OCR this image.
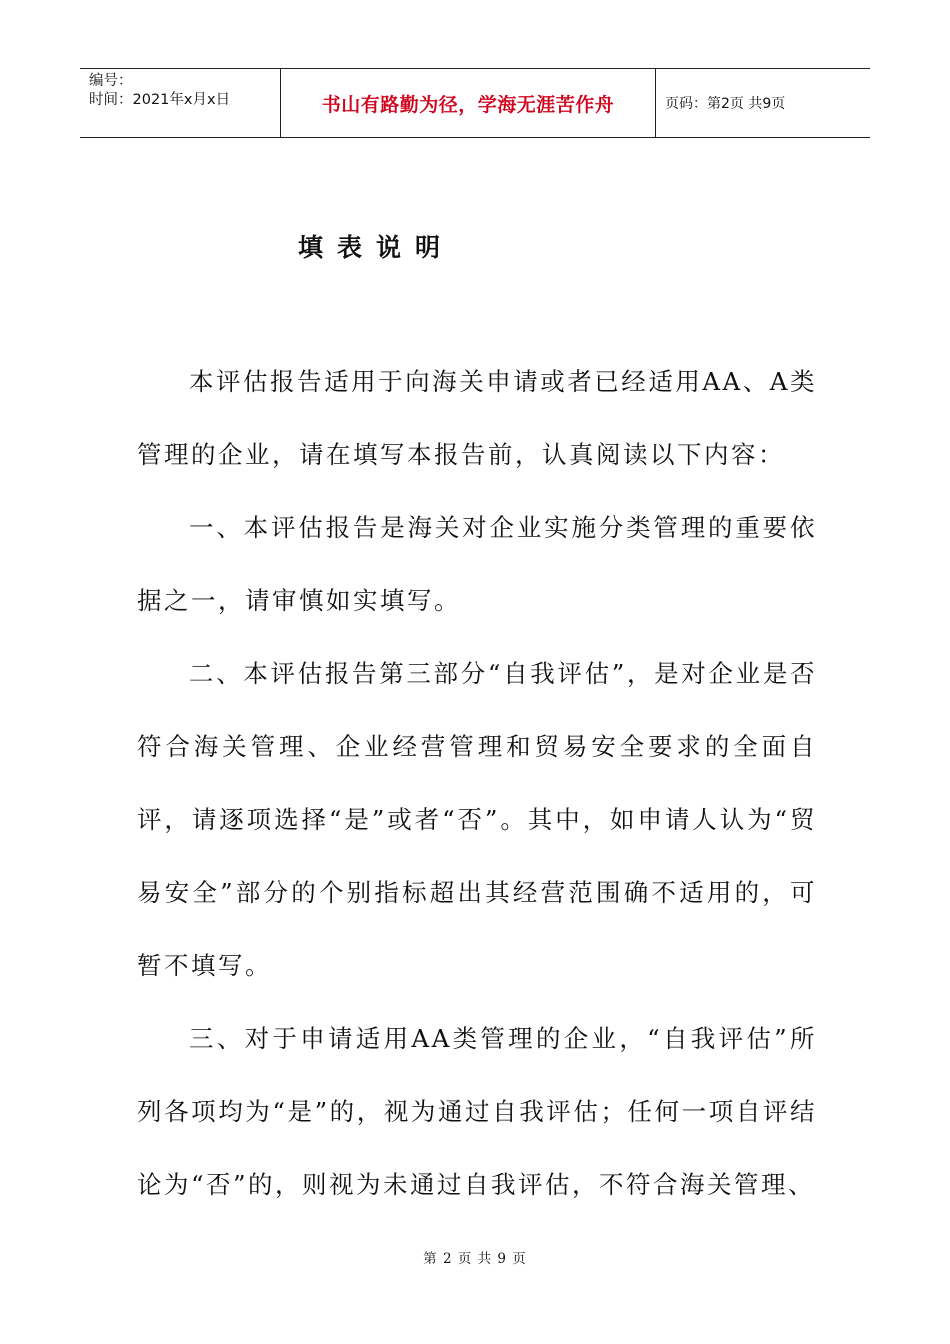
编号：
时间：2021年x月x日	书山有路勤为径，学海无涯苦作舟	页码：第2页 共9页
填表说明

本评估报告适用于向海关申请或者已经适用AA、A类管理的企业，请在填写本报告前，认真阅读以下内容：

一、本评估报告是海关对企业实施分类管理的重要依据之一，请审慎如实填写。

二、本评估报告第三部分“自我评估”，是对企业是否符合海关管理、企业经营管理和贸易安全要求的全面自评，请逐项选择“是”或者“否”。其中，如申请人认为“贸易安全”部分的个别指标超出其经营范围确不适用的，可暂不填写。

三、对于申请适用AA类管理的企业，“自我评估”所列各项均为“是”的，视为通过自我评估；任何一项自评结论为“否”的，则视为未通过自我评估，不符合海关管理、

第 2 页 共 9 页
